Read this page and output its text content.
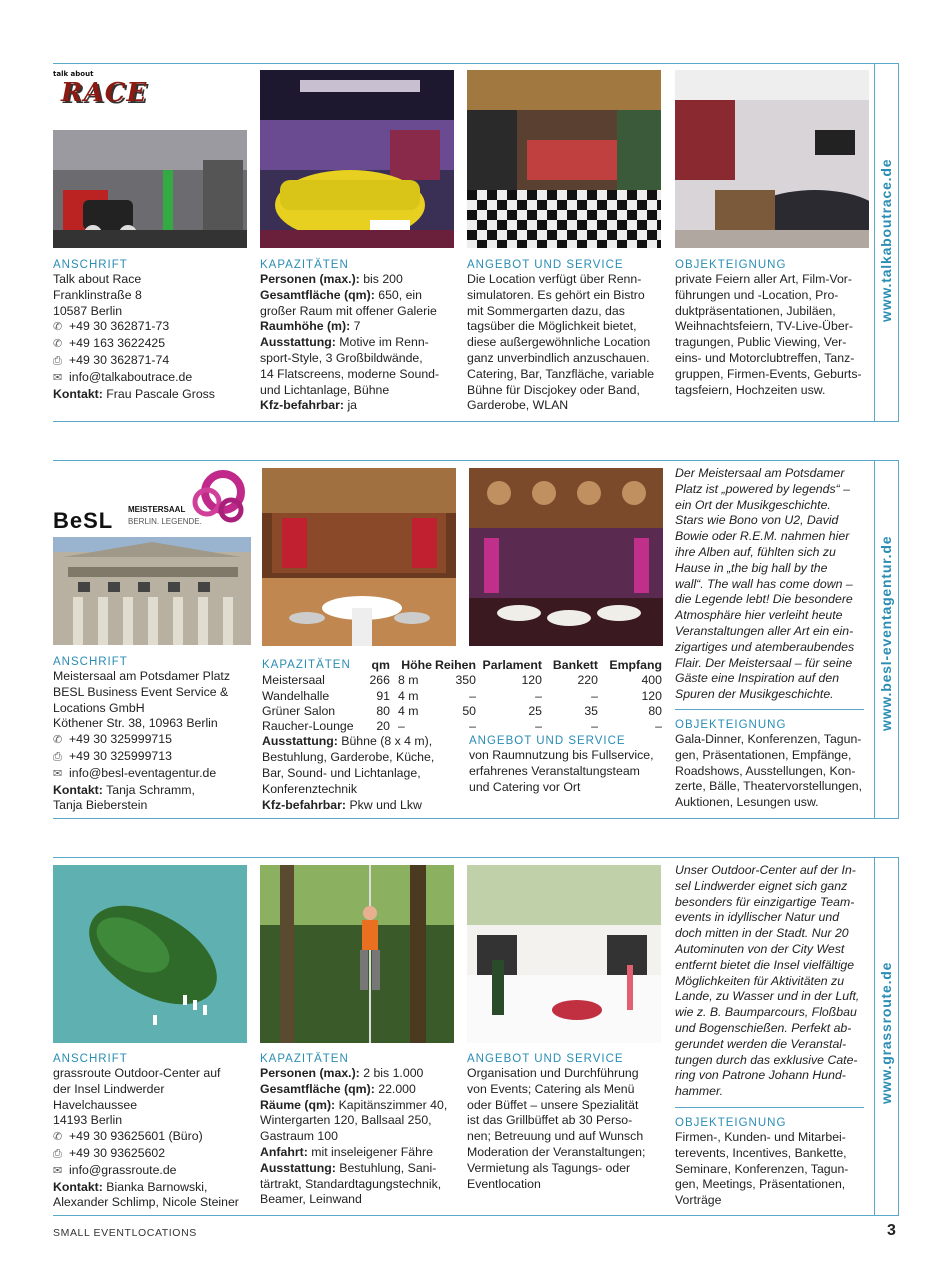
www.talkaboutrace.de
talk about
RACE
ANSCHRIFT
Talk about Race
Franklinstraße 8
10587 Berlin
✆ +49 30 362871-73
✆ +49 163 3622425
⎙ +49 30 362871-74
✉ info@talkaboutrace.de
Kontakt: Frau Pascale Gross
KAPAZITÄTEN
Personen (max.): bis 200
Gesamtfläche (qm): 650, ein
großer Raum mit offener Galerie
Raumhöhe (m): 7
Ausstattung: Motive im Renn-
sport-Style, 3 Großbildwände,
14 Flatscreens, moderne Sound-
und Lichtanlage, Bühne
Kfz-befahrbar: ja
ANGEBOT UND SERVICE
Die Location verfügt über Renn-
simulatoren. Es gehört ein Bistro
mit Sommergarten dazu, das
tagsüber die Möglichkeit bietet,
diese außergewöhnliche Location
ganz unverbindlich anzuschauen.
Catering, Bar, Tanzfläche, variable
Bühne für Discjokey oder Band,
Garderobe, WLAN
OBJEKTEIGNUNG
private Feiern aller Art, Film-Vor-
führungen und -Location, Pro-
duktpräsentationen, Jubiläen,
Weihnachtsfeiern, TV-Live-Über-
tragungen, Public Viewing, Ver-
eins- und Motorclubtreffen, Tanz-
gruppen, Firmen-Events, Geburts-
tagsfeiern, Hochzeiten usw.
www.besl-eventagentur.de
BeSL MEISTERSAAL
BERLIN. LEGENDE.
ANSCHRIFT
Meistersaal am Potsdamer Platz
BESL Business Event Service &
Locations GmbH
Köthener Str. 38, 10963 Berlin
✆ +49 30 325999715
⎙ +49 30 325999713
✉ info@besl-eventagentur.de
Kontakt: Tanja Schramm,
Tanja Bieberstein
KAPAZITÄTEN	qm	Höhe	Reihen	Parlament	Bankett	Empfang
Meistersaal	266	8 m	350	120	220	400
Wandelhalle	91	4 m	–	–	–	120
Grüner Salon	80	4 m	50	25	35	80
Raucher-Lounge	20	–	–	–	–	–
Ausstattung: Bühne (8 x 4 m),
Bestuhlung, Garderobe, Küche,
Bar, Sound- und Lichtanlage,
Konferenztechnik
Kfz-befahrbar: Pkw und Lkw
ANGEBOT UND SERVICE
von Raumnutzung bis Fullservice,
erfahrenes Veranstaltungsteam
und Catering vor Ort
Der Meistersaal am Potsdamer
Platz ist „powered by legends“ –
ein Ort der Musikgeschichte.
Stars wie Bono von U2, David
Bowie oder R.E.M. nahmen hier
ihre Alben auf, fühlten sich zu
Hause in „the big hall by the
wall“. The wall has come down –
die Legende lebt! Die besondere
Atmosphäre hier verleiht heute
Veranstaltungen aller Art ein ein-
zigartiges und atemberaubendes
Flair. Der Meistersaal – für seine
Gäste eine Inspiration auf den
Spuren der Musikgeschichte.
OBJEKTEIGNUNG
Gala-Dinner, Konferenzen, Tagun-
gen, Präsentationen, Empfänge,
Roadshows, Ausstellungen, Kon-
zerte, Bälle, Theatervorstellungen,
Auktionen, Lesungen usw.
www.grassroute.de
ANSCHRIFT
grassroute Outdoor-Center auf
der Insel Lindwerder
Havelchaussee
14193 Berlin
✆ +49 30 93625601 (Büro)
⎙ +49 30 93625602
✉ info@grassroute.de
Kontakt: Bianka Barnowski,
Alexander Schlimp, Nicole Steiner
KAPAZITÄTEN
Personen (max.): 2 bis 1.000
Gesamtfläche (qm): 22.000
Räume (qm): Kapitänszimmer 40,
Wintergarten 120, Ballsaal 250,
Gastraum 100
Anfahrt: mit inseleigener Fähre
Ausstattung: Bestuhlung, Sani-
tärtrakt, Standardtagungstechnik,
Beamer, Leinwand
ANGEBOT UND SERVICE
Organisation und Durchführung
von Events; Catering als Menü
oder Büffet – unsere Spezialität
ist das Grillbüffet ab 30 Perso-
nen; Betreuung und auf Wunsch
Moderation der Veranstaltungen;
Vermietung als Tagungs- oder
Eventlocation
Unser Outdoor-Center auf der In-
sel Lindwerder eignet sich ganz
besonders für einzigartige Team-
events in idyllischer Natur und
doch mitten in der Stadt. Nur 20
Autominuten von der City West
entfernt bietet die Insel vielfältige
Möglichkeiten für Aktivitäten zu
Lande, zu Wasser und in der Luft,
wie z. B. Baumparcours, Floßbau
und Bogenschießen. Perfekt ab-
gerundet werden die Veranstal-
tungen durch das exklusive Cate-
ring von Patrone Johann Hund-
hammer.
OBJEKTEIGNUNG
Firmen-, Kunden- und Mitarbei-
terevents, Incentives, Bankette,
Seminare, Konferenzen, Tagun-
gen, Meetings, Präsentationen,
Vorträge
SMALL EVENTLOCATIONS	3
